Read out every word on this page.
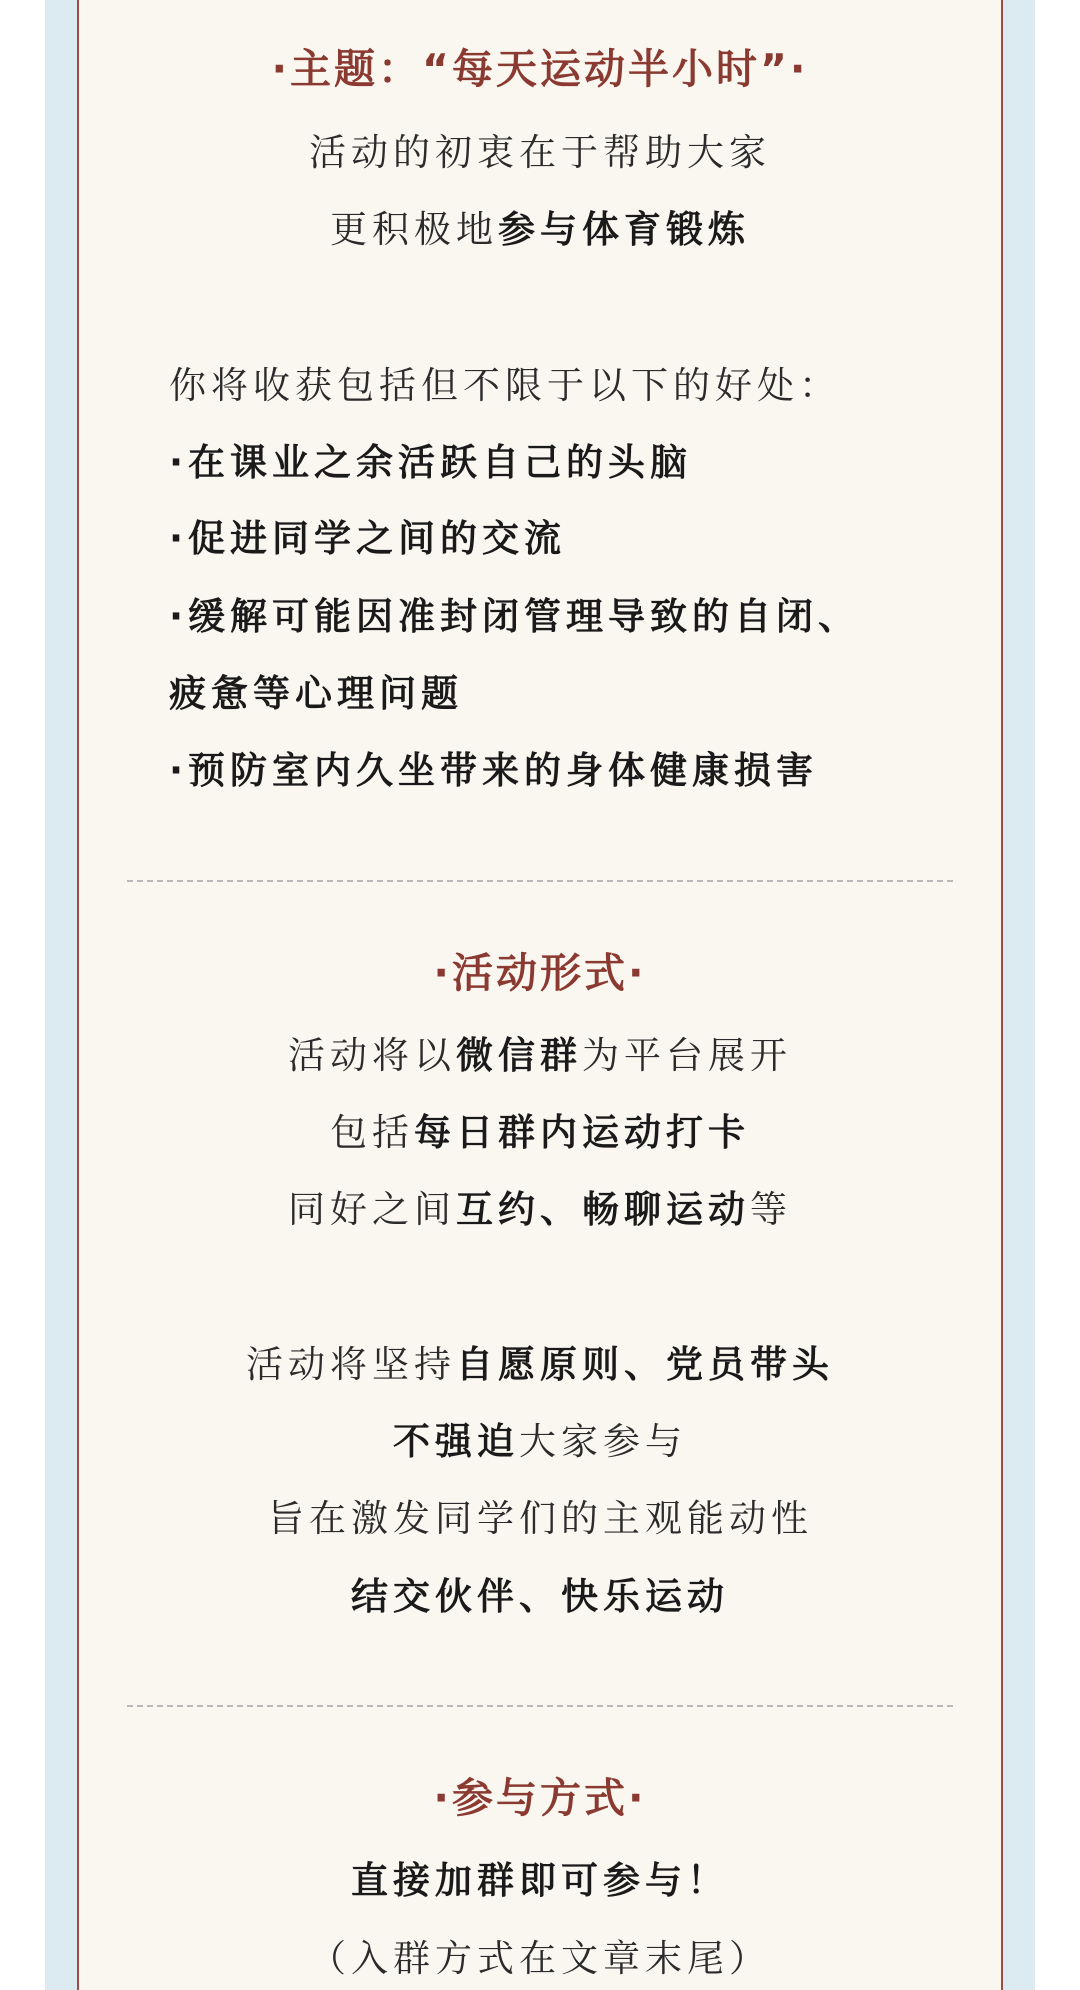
·主题：“每天运动半小时”·
活动的初衷在于帮助大家
更积极地参与体育锻炼
你将收获包括但不限于以下的好处：
·在课业之余活跃自己的头脑
·促进同学之间的交流
·缓解可能因准封闭管理导致的自闭、
疲惫等心理问题
·预防室内久坐带来的身体健康损害
·活动形式·
活动将以微信群为平台展开
包括每日群内运动打卡
同好之间互约、畅聊运动等
活动将坚持自愿原则、党员带头
不强迫大家参与
旨在激发同学们的主观能动性
结交伙伴、快乐运动
·参与方式·
直接加群即可参与！
（入群方式在文章末尾）
